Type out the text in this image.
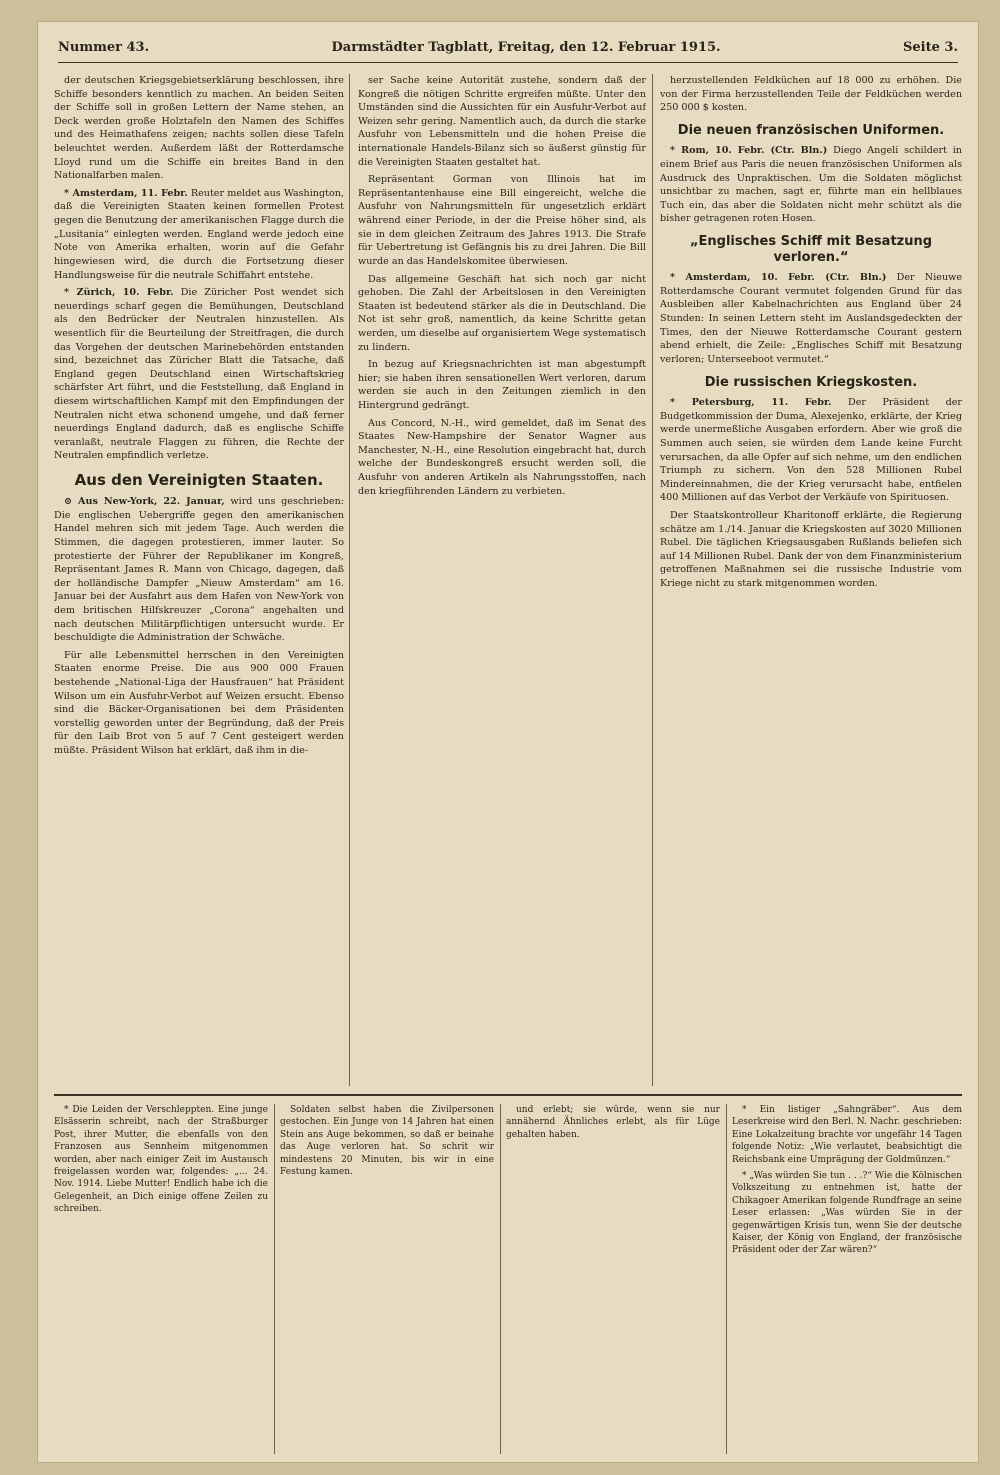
Nummer 43.	Darmstädter Tagblatt, Freitag, den 12. Februar 1915.	Seite 3.

der deutschen Kriegsgebietserklärung beschlossen, ihre Schiffe besonders kenntlich zu machen. An beiden Seiten der Schiffe soll in großen Lettern der Name stehen, an Deck werden große Holztafeln den Namen des Schiffes und des Heimathafens zeigen; nachts sollen diese Tafeln beleuchtet werden. Außerdem läßt der Rotterdamsche Lloyd rund um die Schiffe ein breites Band in den Nationalfarben malen.

* Amsterdam, 11. Febr. Reuter meldet aus Washington, daß die Vereinigten Staaten keinen formellen Protest gegen die Benutzung der amerikanischen Flagge durch die „Lusitania“ einlegten werden. England werde jedoch eine Note von Amerika erhalten, worin auf die Gefahr hingewiesen wird, die durch die Fortsetzung dieser Handlungsweise für die neutrale Schiffahrt entstehe.

* Zürich, 10. Febr. Die Züricher Post wendet sich neuerdings scharf gegen die Bemühungen, Deutschland als den Bedrücker der Neutralen hinzustellen. Als wesentlich für die Beurteilung der Streitfragen, die durch das Vorgehen der deutschen Marinebehörden entstanden sind, bezeichnet das Züricher Blatt die Tatsache, daß England gegen Deutschland einen Wirtschaftskrieg schärfster Art führt, und die Feststellung, daß England in diesem wirtschaftlichen Kampf mit den Empfindungen der Neutralen nicht etwa schonend umgehe, und daß ferner neuerdings England dadurch, daß es englische Schiffe veranlaßt, neutrale Flaggen zu führen, die Rechte der Neutralen empfindlich verletze.

Aus den Vereinigten Staaten.

⊙ Aus New-York, 22. Januar, wird uns geschrieben: Die englischen Uebergriffe gegen den amerikanischen Handel mehren sich mit jedem Tage. Auch werden die Stimmen, die dagegen protestieren, immer lauter. So protestierte der Führer der Republikaner im Kongreß, Repräsentant James R. Mann von Chicago, dagegen, daß der holländische Dampfer „Nieuw Amsterdam“ am 16. Januar bei der Ausfahrt aus dem Hafen von New-York von dem britischen Hilfskreuzer „Corona“ angehalten und nach deutschen Militärpflichtigen untersucht wurde. Er beschuldigte die Administration der Schwäche.

Für alle Lebensmittel herrschen in den Vereinigten Staaten enorme Preise. Die aus 900 000 Frauen bestehende „National-Liga der Hausfrauen“ hat Präsident Wilson um ein Ausfuhr-Verbot auf Weizen ersucht. Ebenso sind die Bäcker-Organisationen bei dem Präsidenten vorstellig geworden unter der Begründung, daß der Preis für den Laib Brot von 5 auf 7 Cent gesteigert werden müßte. Präsident Wilson hat erklärt, daß ihm in die-

ser Sache keine Autorität zustehe, sondern daß der Kongreß die nötigen Schritte ergreifen müßte. Unter den Umständen sind die Aussichten für ein Ausfuhr-Verbot auf Weizen sehr gering. Namentlich auch, da durch die starke Ausfuhr von Lebensmitteln und die hohen Preise die internationale Handels-Bilanz sich so äußerst günstig für die Vereinigten Staaten gestaltet hat.

Repräsentant Gorman von Illinois hat im Repräsentantenhause eine Bill eingereicht, welche die Ausfuhr von Nahrungsmitteln für ungesetzlich erklärt während einer Periode, in der die Preise höher sind, als sie in dem gleichen Zeitraum des Jahres 1913. Die Strafe für Uebertretung ist Gefängnis bis zu drei Jahren. Die Bill wurde an das Handelskomitee überwiesen.

Das allgemeine Geschäft hat sich noch gar nicht gehoben. Die Zahl der Arbeitslosen in den Vereinigten Staaten ist bedeutend stärker als die in Deutschland. Die Not ist sehr groß, namentlich, da keine Schritte getan werden, um dieselbe auf organisiertem Wege systematisch zu lindern.

In bezug auf Kriegsnachrichten ist man abgestumpft hier; sie haben ihren sensationellen Wert verloren, darum werden sie auch in den Zeitungen ziemlich in den Hintergrund gedrängt.

Aus Concord, N.-H., wird gemeldet, daß im Senat des Staates New-Hampshire der Senator Wagner aus Manchester, N.-H., eine Resolution eingebracht hat, durch welche der Bundeskongreß ersucht werden soll, die Ausfuhr von anderen Artikeln als Nahrungsstoffen, nach den kriegführenden Ländern zu verbieten.

herzustellenden Feldküchen auf 18 000 zu erhöhen. Die von der Firma herzustellenden Teile der Feldküchen werden 250 000 $ kosten.

Die neuen französischen Uniformen.

* Rom, 10. Febr. (Ctr. Bln.) Diego Angeli schildert in einem Brief aus Paris die neuen französischen Uniformen als Ausdruck des Unpraktischen. Um die Soldaten möglichst unsichtbar zu machen, sagt er, führte man ein hellblaues Tuch ein, das aber die Soldaten nicht mehr schützt als die bisher getragenen roten Hosen.

„Englisches Schiff mit Besatzung verloren.“

* Amsterdam, 10. Febr. (Ctr. Bln.) Der Nieuwe Rotterdamsche Courant vermutet folgenden Grund für das Ausbleiben aller Kabelnachrichten aus England über 24 Stunden: In seinen Lettern steht im Auslandsgedeckten der Times, den der Nieuwe Rotterdamsche Courant gestern abend erhielt, die Zeile: „Englisches Schiff mit Besatzung verloren; Unterseeboot vermutet.“

Die russischen Kriegskosten.

* Petersburg, 11. Febr. Der Präsident der Budgetkommission der Duma, Alexejenko, erklärte, der Krieg werde unermeßliche Ausgaben erfordern. Aber wie groß die Summen auch seien, sie würden dem Lande keine Furcht verursachen, da alle Opfer auf sich nehme, um den endlichen Triumph zu sichern. Von den 528 Millionen Rubel Mindereinnahmen, die der Krieg verursacht habe, entfielen 400 Millionen auf das Verbot der Verkäufe von Spirituosen.

Der Staatskontrolleur Kharitonoff erklärte, die Regierung schätze am 1./14. Januar die Kriegskosten auf 3020 Millionen Rubel. Die täglichen Kriegsausgaben Rußlands beliefen sich auf 14 Millionen Rubel. Dank der von dem Finanzministerium getroffenen Maßnahmen sei die russische Industrie vom Kriege nicht zu stark mitgenommen worden.

* Die Leiden der Verschleppten. Eine junge Elsässerin schreibt, nach der Straßburger Post, ihrer Mutter, die ebenfalls von den Franzosen aus Sennheim mitgenommen worden, aber nach einiger Zeit im Austausch freigelassen worden war, folgendes: „... 24. Nov. 1914. Liebe Mutter! Endlich habe ich die Gelegenheit, an Dich einige offene Zeilen zu schreiben.

Soldaten selbst haben die Zivilpersonen gestochen. Ein Junge von 14 Jahren hat einen Stein ans Auge bekommen, so daß er beinahe das Auge verloren hat. So schrit wir mindestens 20 Minuten, bis wir in eine Festung kamen.

und erlebt; sie würde, wenn sie nur annähernd Ähnliches erlebt, als für Lüge gehalten haben.

* Ein listiger „Sahngräber“. Aus dem Leserkreise wird den Berl. N. Nachr. geschrieben: Eine Lokalzeitung brachte vor ungefähr 14 Tagen folgende Notiz: „Wie verlautet, beabsichtigt die Reichsbank eine Umprägung der Goldmünzen.“

* „Was würden Sie tun . . .?“ Wie die Kölnischen Volkszeitung zu entnehmen ist, hatte der Chikagoer Amerikan folgende Rundfrage an seine Leser erlassen: „Was würden Sie in der gegenwärtigen Krisis tun, wenn Sie der deutsche Kaiser, der König von England, der französische Präsident oder der Zar wären?“
